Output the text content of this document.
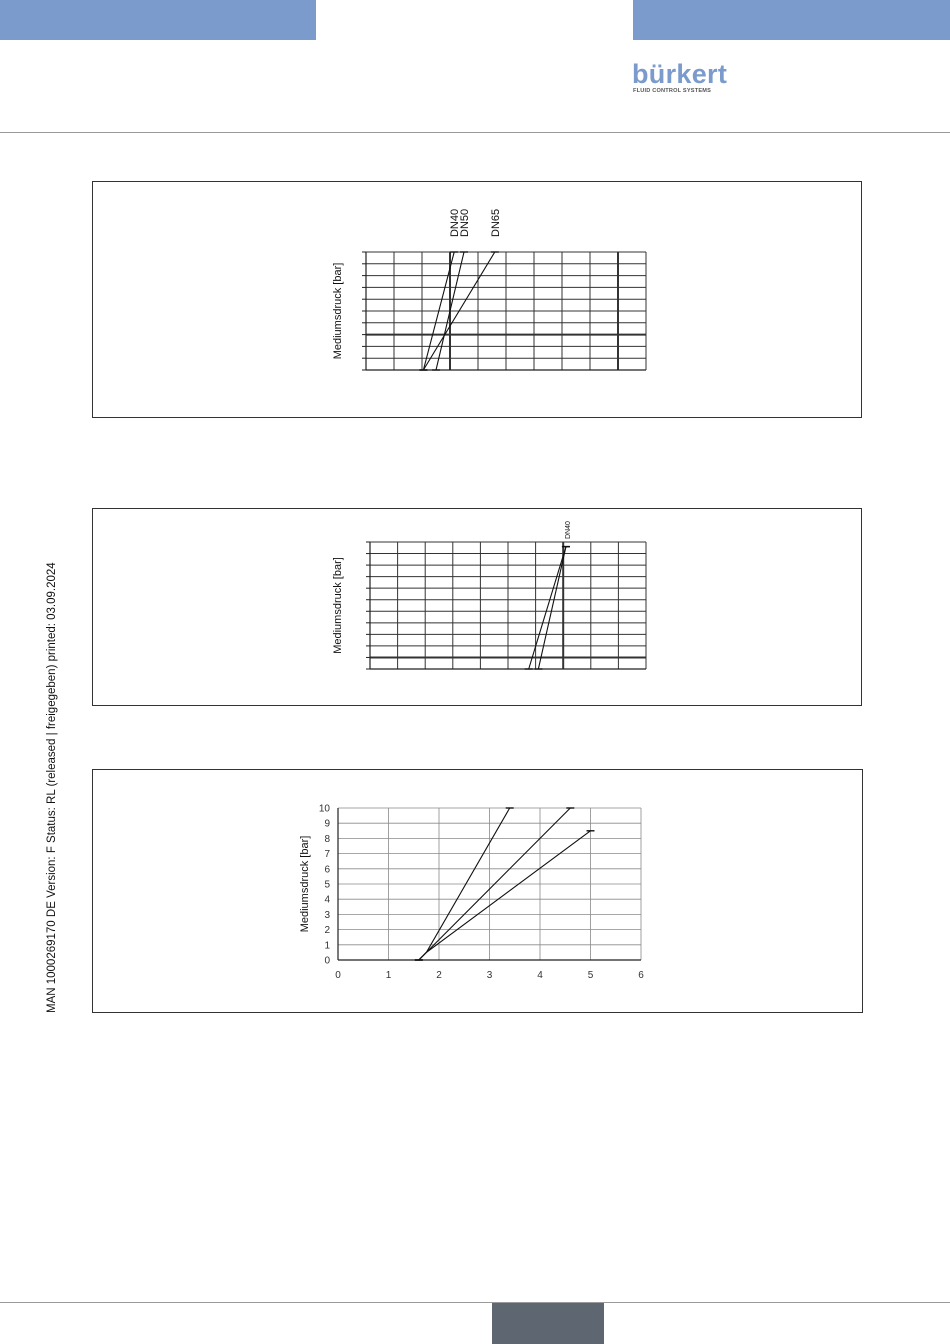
bürkert
FLUID CONTROL SYSTEMS
MAN 1000269170 DE Version: F Status: RL (released | freigegeben) printed: 03.09.2024
Mediumsdruck [bar]
DN40
DN50 DN65
Mediumsdruck [bar]
DN40
Mediumsdruck [bar]
0	1	2	3	4	5	6
0
1
2
3
4
5
6
7
8
9
10
